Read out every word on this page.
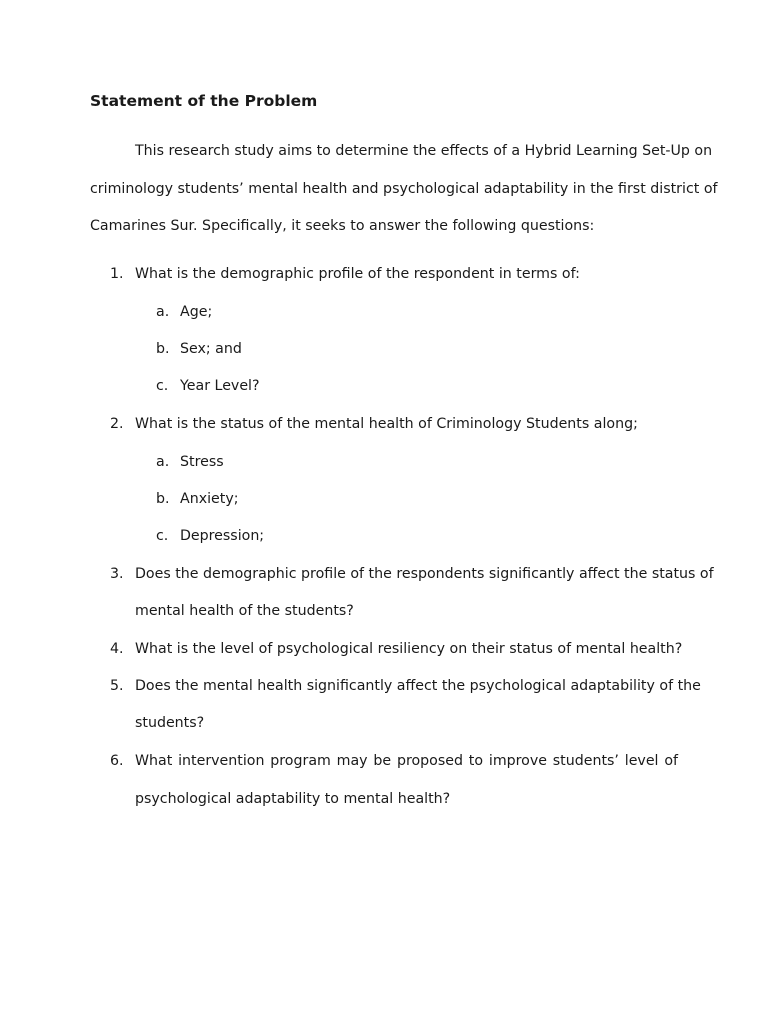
Statement of the Problem
This research study aims to determine the effects of a Hybrid Learning Set-Up on
criminology students’ mental health and psychological adaptability in the first district of
Camarines Sur. Specifically, it seeks to answer the following questions:
1. What is the demographic profile of the respondent in terms of:
a. Age;
b. Sex; and
c. Year Level?
2. What is the status of the mental health of Criminology Students along;
a. Stress
b. Anxiety;
c. Depression;
3. Does the demographic profile of the respondents significantly affect the status of
mental health of the students?
4. What is the level of psychological resiliency on their status of mental health?
5. Does the mental health significantly affect the psychological adaptability of the
students?
6. What intervention program may be proposed to improve students’ level of
psychological adaptability to mental health?
